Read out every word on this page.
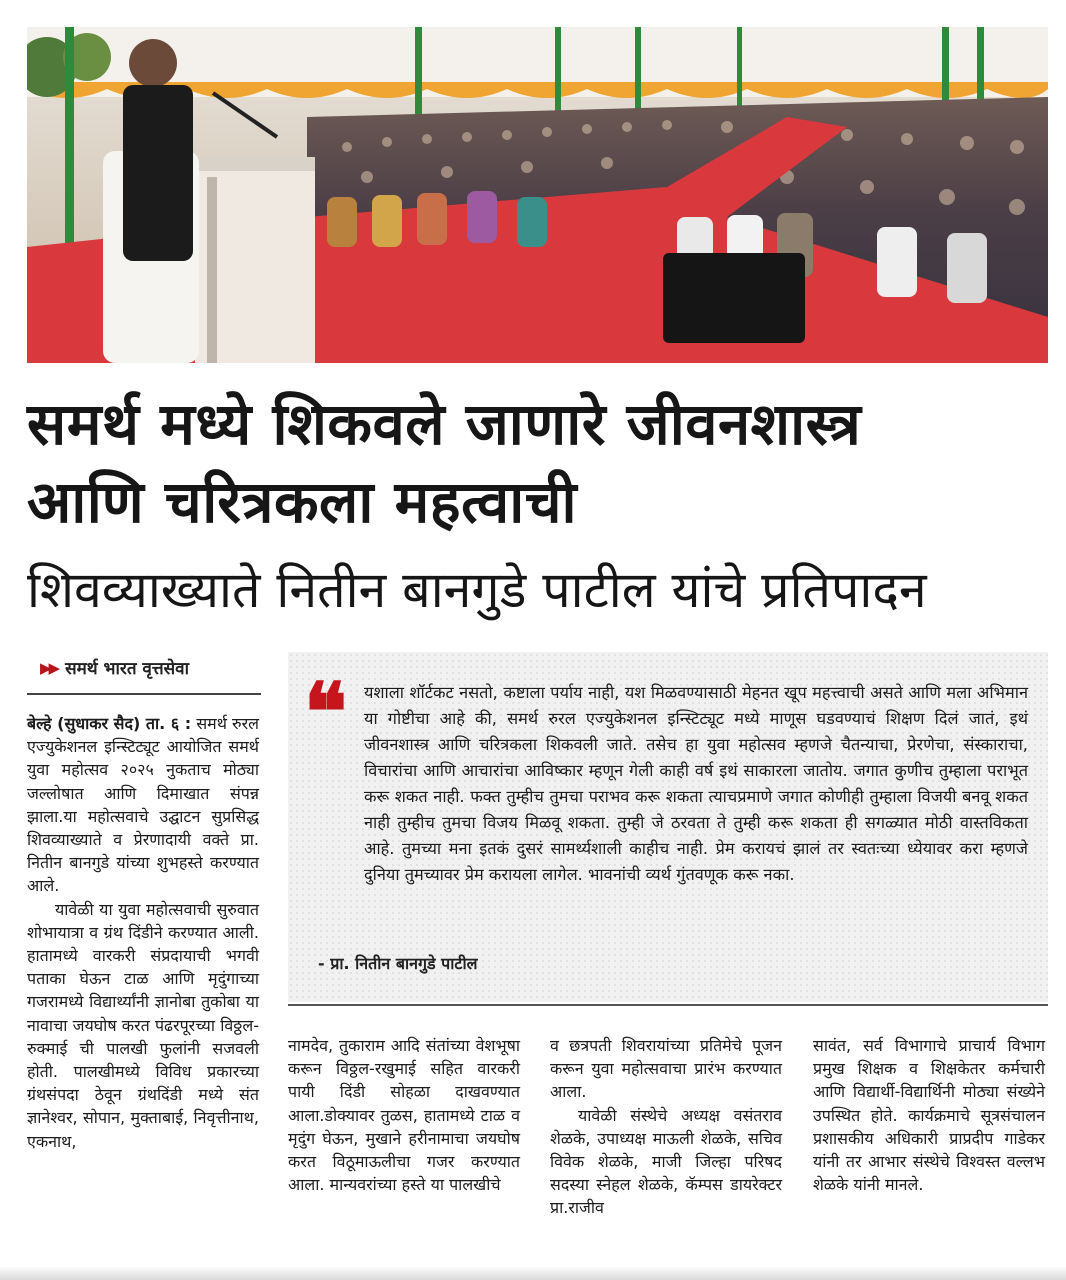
समर्थ मध्ये शिकवले जाणारे जीवनशास्त्र
आणि चरित्रकला महत्वाची
शिवव्याख्याते नितीन बानगुडे पाटील यांचे प्रतिपादन
▶▶ समर्थ भारत वृत्तसेवा

बेल्हे (सुधाकर सैद) ता. ६ : समर्थ रुरल एज्युकेशनल इन्स्टिट्यूट आयोजित समर्थ युवा महोत्सव २०२५ नुकताच मोठ्या जल्लोषात आणि दिमाखात संपन्न झाला.या महोत्सवाचे उद्घाटन सुप्रसिद्ध शिवव्याख्याते व प्रेरणादायी वक्ते प्रा. नितीन बानगुडे यांच्या शुभहस्ते करण्यात आले.

यावेळी या युवा महोत्सवाची सुरुवात शोभायात्रा व ग्रंथ दिंडीने करण्यात आली. हातामध्ये वारकरी संप्रदायाची भगवी पताका घेऊन टाळ आणि मृदुंगाच्या गजरामध्ये विद्यार्थ्यांनी ज्ञानोबा तुकोबा या नावाचा जयघोष करत पंढरपूरच्या विठ्ठल-रुक्माई ची पालखी फुलांनी सजवली होती. पालखीमध्ये विविध प्रकारच्या ग्रंथसंपदा ठेवून ग्रंथदिंडी मध्ये संत ज्ञानेश्वर, सोपान, मुक्ताबाई, निवृत्तीनाथ, एकनाथ,

❝ यशाला शॉर्टकट नसतो, कष्टाला पर्याय नाही, यश मिळवण्यासाठी मेहनत खूप महत्त्वाची असते आणि मला अभिमान या गोष्टीचा आहे की, समर्थ रुरल एज्युकेशनल इन्स्टिट्यूट मध्ये माणूस घडवण्याचं शिक्षण दिलं जातं, इथं जीवनशास्त्र आणि चरित्रकला शिकवली जाते. तसेच हा युवा महोत्सव म्हणजे चैतन्याचा, प्रेरणेचा, संस्काराचा, विचारांचा आणि आचारांचा आविष्कार म्हणून गेली काही वर्ष इथं साकारला जातोय. जगात कुणीच तुम्हाला पराभूत करू शकत नाही. फक्त तुम्हीच तुमचा पराभव करू शकता त्याचप्रमाणे जगात कोणीही तुम्हाला विजयी बनवू शकत नाही तुम्हीच तुमचा विजय मिळवू शकता. तुम्ही जे ठरवता ते तुम्ही करू शकता ही सगळ्यात मोठी वास्तविकता आहे. तुमच्या मना इतकं दुसरं सामर्थ्यशाली काहीच नाही. प्रेम करायचं झालं तर स्वतःच्या ध्येयावर करा म्हणजे दुनिया तुमच्यावर प्रेम करायला लागेल. भावनांची व्यर्थ गुंतवणूक करू नका.
- प्रा. नितीन बानगुडे पाटील

नामदेव, तुकाराम आदि संतांच्या वेशभूषा करून विठ्ठल-रखुमाई सहित वारकरी पायी दिंडी सोहळा दाखवण्यात आला.डोक्यावर तुळस, हातामध्ये टाळ व मृदुंग घेऊन, मुखाने हरीनामाचा जयघोष करत विठूमाऊलीचा गजर करण्यात आला. मान्यवरांच्या हस्ते या पालखीचे

व छत्रपती शिवरायांच्या प्रतिमेचे पूजन करून युवा महोत्सवाचा प्रारंभ करण्यात आला.

यावेळी संस्थेचे अध्यक्ष वसंतराव शेळके, उपाध्यक्ष माऊली शेळके, सचिव विवेक शेळके, माजी जिल्हा परिषद सदस्या स्नेहल शेळके, कॅम्पस डायरेक्टर प्रा.राजीव

सावंत, सर्व विभागाचे प्राचार्य विभाग प्रमुख शिक्षक व शिक्षकेतर कर्मचारी आणि विद्यार्थी-विद्यार्थिनी मोठ्या संख्येने उपस्थित होते. कार्यक्रमाचे सूत्रसंचालन प्रशासकीय अधिकारी प्राप्रदीप गाडेकर यांनी तर आभार संस्थेचे विश्वस्त वल्लभ शेळके यांनी मानले.
